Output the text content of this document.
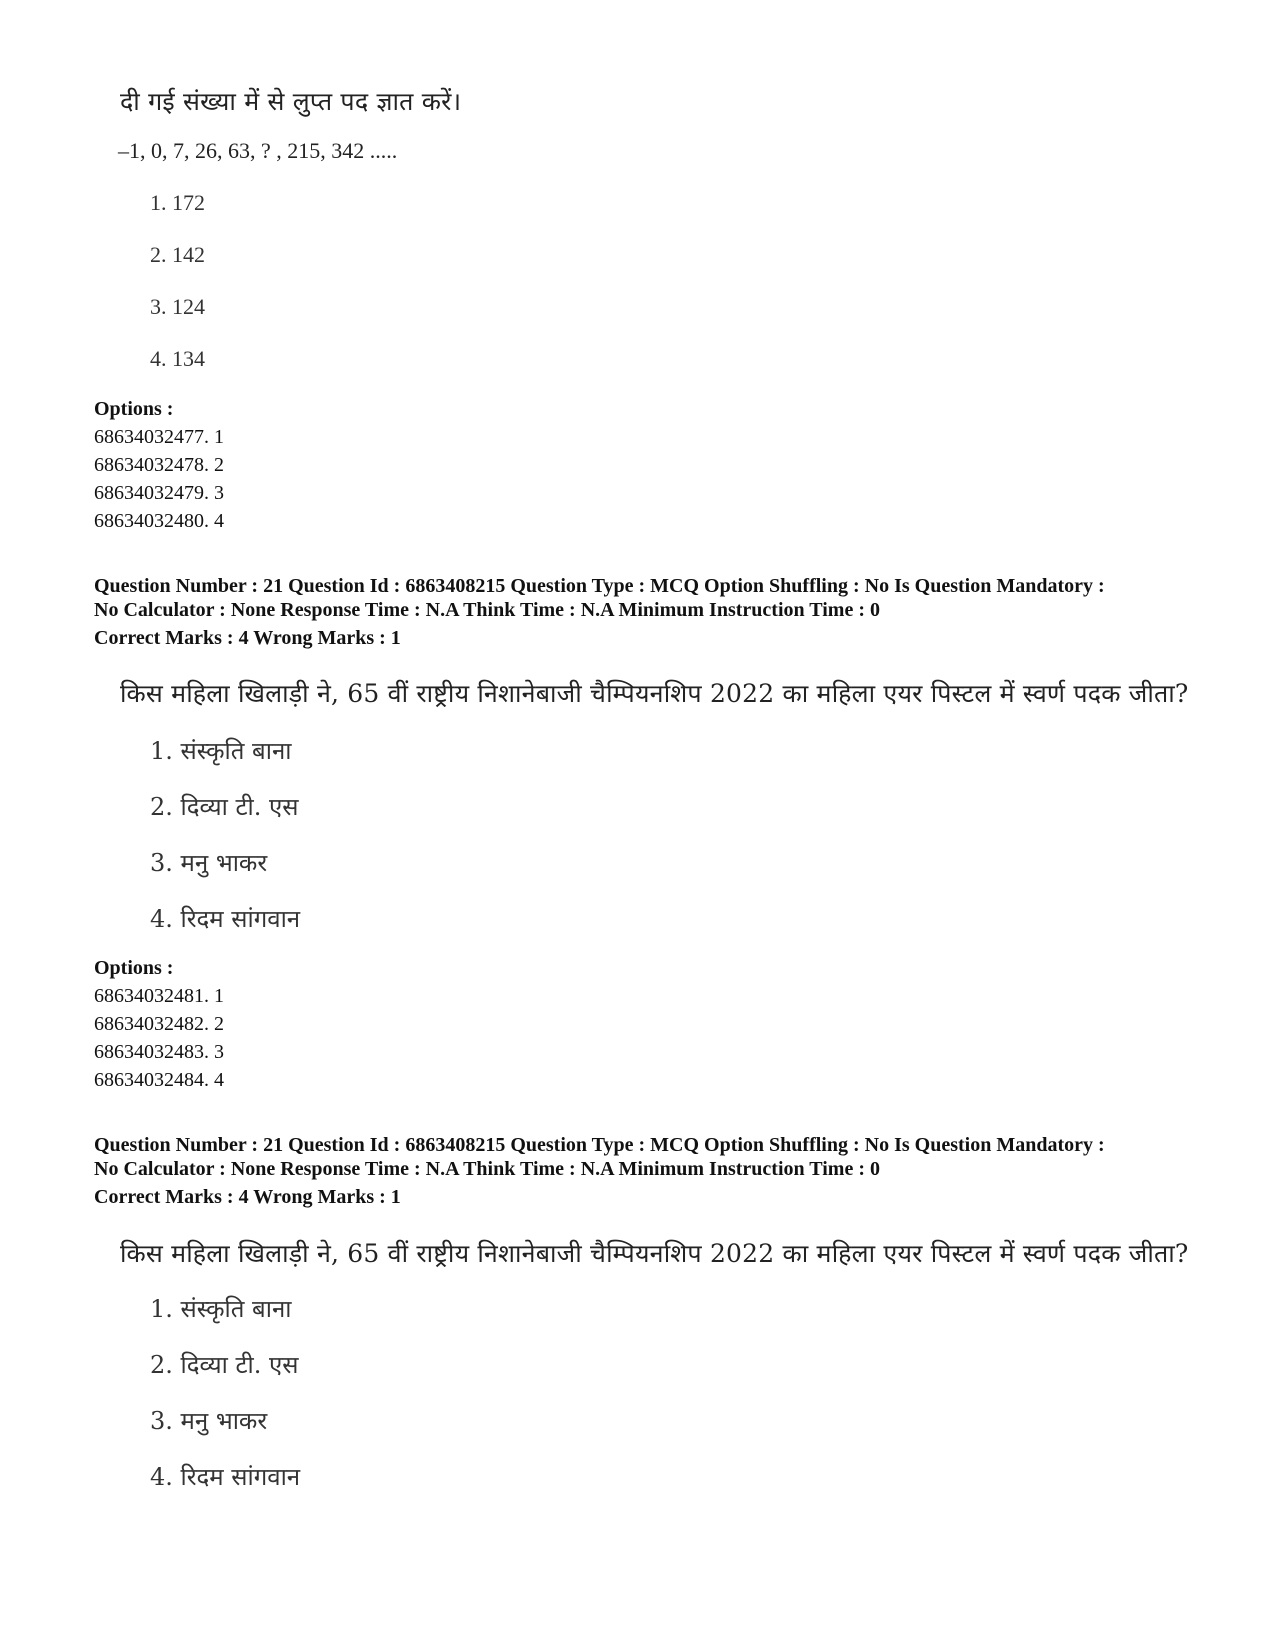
दी गई संख्या में से लुप्त पद ज्ञात करें।
–1, 0, 7, 26, 63, ? , 215, 342 .....
1. 172
2. 142
3. 124
4. 134
Options :
68634032477. 1
68634032478. 2
68634032479. 3
68634032480. 4
Question Number : 21 Question Id : 6863408215 Question Type : MCQ Option Shuffling : No Is Question Mandatory :
No Calculator : None Response Time : N.A Think Time : N.A Minimum Instruction Time : 0
Correct Marks : 4 Wrong Marks : 1
किस महिला खिलाड़ी ने, 65 वीं राष्ट्रीय निशानेबाजी चैम्पियनशिप 2022 का महिला एयर पिस्टल में स्वर्ण पदक जीता?
1. संस्कृति बाना
2. दिव्या टी. एस
3. मनु भाकर
4. रिदम सांगवान
Options :
68634032481. 1
68634032482. 2
68634032483. 3
68634032484. 4
Question Number : 21 Question Id : 6863408215 Question Type : MCQ Option Shuffling : No Is Question Mandatory :
No Calculator : None Response Time : N.A Think Time : N.A Minimum Instruction Time : 0
Correct Marks : 4 Wrong Marks : 1
किस महिला खिलाड़ी ने, 65 वीं राष्ट्रीय निशानेबाजी चैम्पियनशिप 2022 का महिला एयर पिस्टल में स्वर्ण पदक जीता?
1. संस्कृति बाना
2. दिव्या टी. एस
3. मनु भाकर
4. रिदम सांगवान
